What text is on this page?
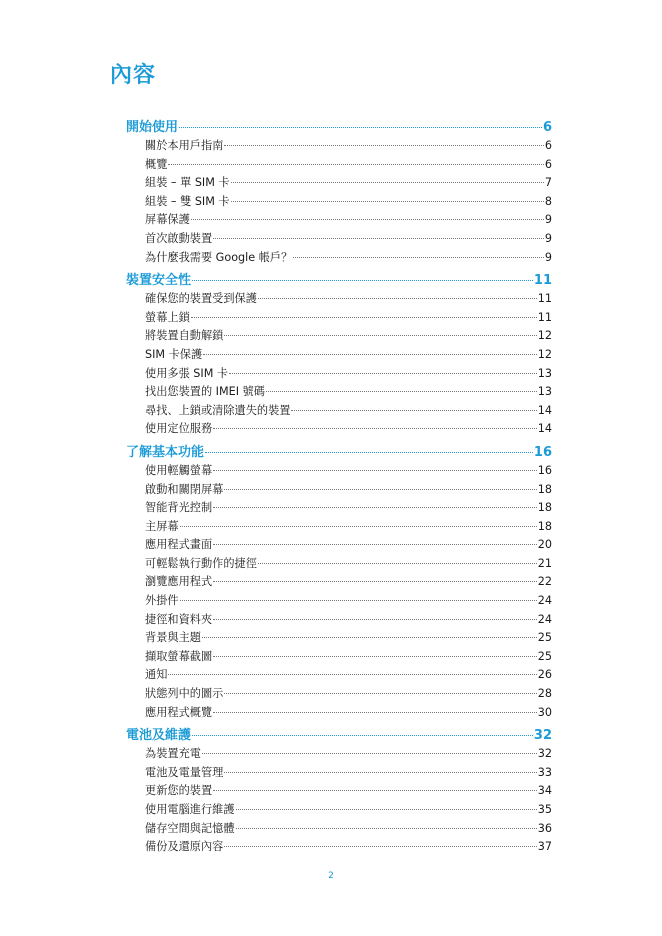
內容
開始使用	6
關於本用戶指南	6
概覽	6
組裝 – 單 SIM 卡	7
組裝 – 雙 SIM 卡	8
屏幕保護	9
首次啟動裝置	9
為什麼我需要 Google 帳戶？	9
裝置安全性	11
確保您的裝置受到保護	11
螢幕上鎖	11
將裝置自動解鎖	12
SIM 卡保護	12
使用多張 SIM 卡	13
找出您裝置的 IMEI 號碼	13
尋找、上鎖或清除遺失的裝置	14
使用定位服務	14
了解基本功能	16
使用輕觸螢幕	16
啟動和關閉屏幕	18
智能背光控制	18
主屏幕	18
應用程式畫面	20
可輕鬆執行動作的捷徑	21
瀏覽應用程式	22
外掛件	24
捷徑和資料夾	24
背景與主題	25
擷取螢幕截圖	25
通知	26
狀態列中的圖示	28
應用程式概覽	30
電池及維護	32
為裝置充電	32
電池及電量管理	33
更新您的裝置	34
使用電腦進行維護	35
儲存空間與記憶體	36
備份及還原內容	37
2
